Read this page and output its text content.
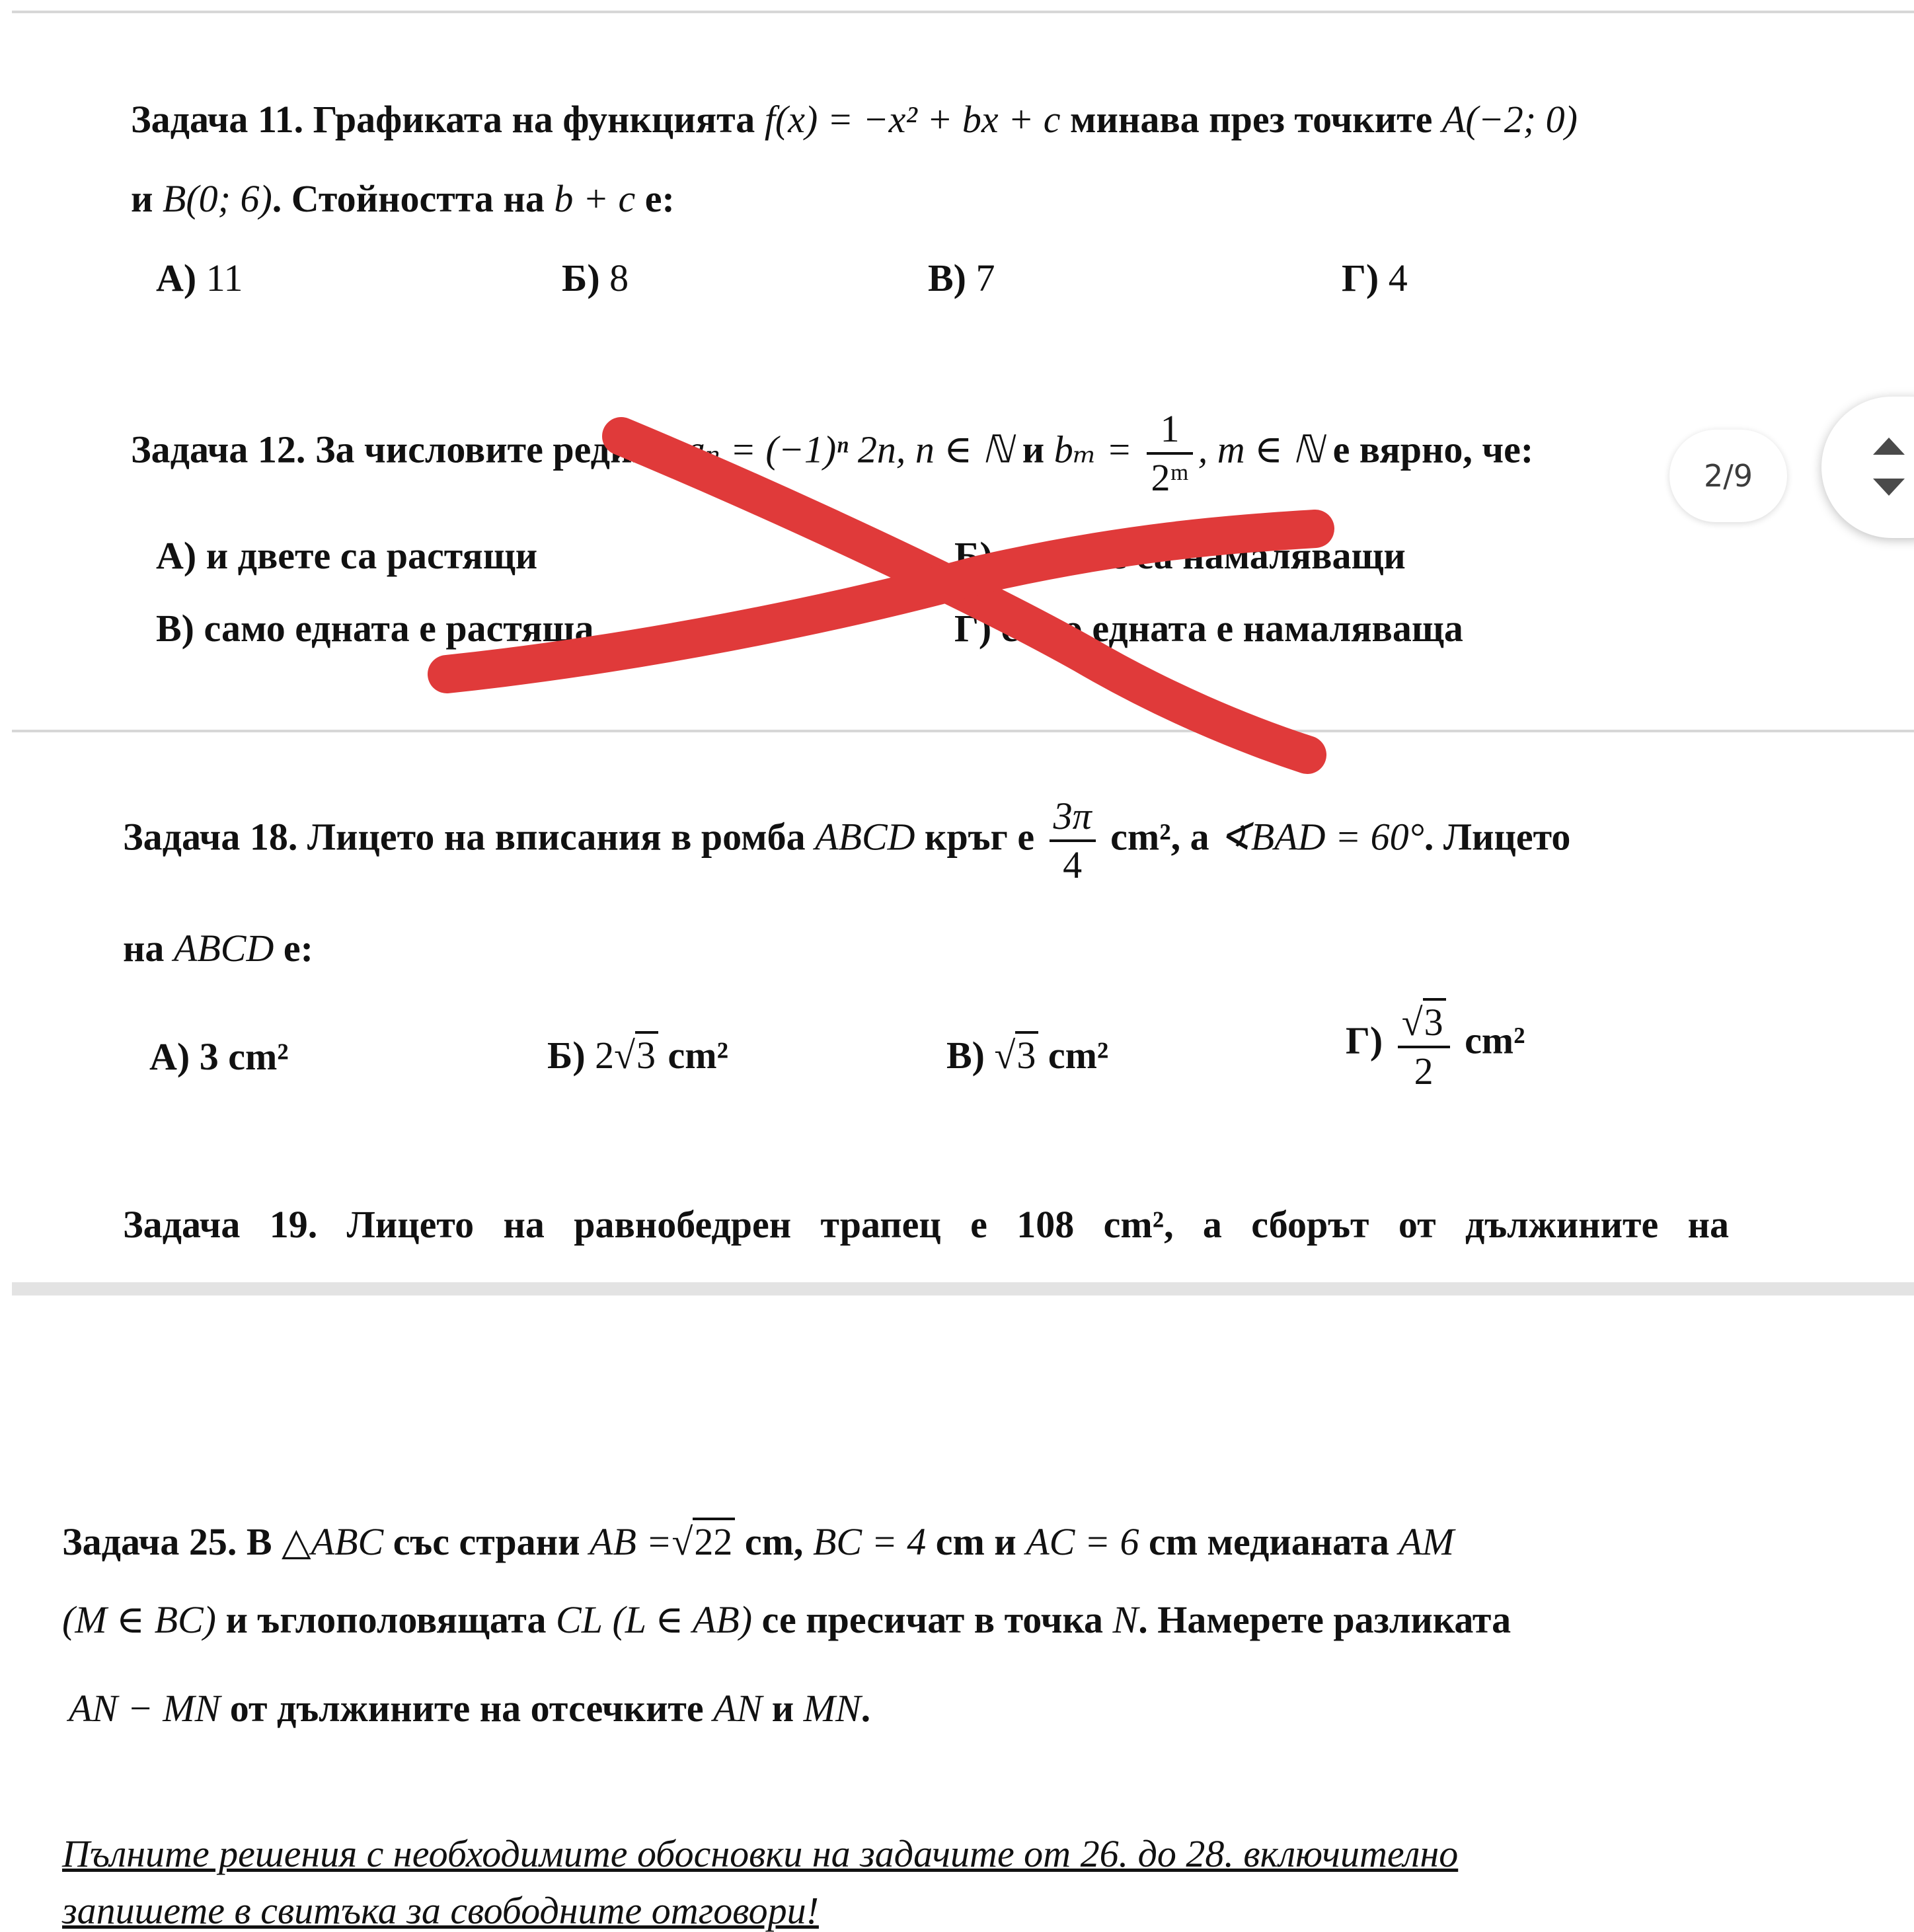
Задача 11. Графиката на функцията f(x) = −x² + bx + c минава през точките A(−2; 0)
и B(0; 6). Стойността на b + c е:
А) 11	Б) 8	В) 7	Г) 4
Задача 12. За числовите редици aₙ = (−1)ⁿ 2n, n ∈ ℕ и $b_m = \frac{1}{\text{2ᵐ}}$ , m ∈ ℕ е вярно, че:
А) и двете са растящи	Б) и двете са намаляващи
В) само едната е растяща	Г) само едната е намаляваща
Задача 18. Лицето на вписания в ромба ABCD кръг е $\frac{3\pi}{4} cm^2$, а ∢BAD = 60°. Лицето
на ABCD е:
А) 3 cm²	Б) 2√3 cm²	В) √3 cm²	$Г) \frac{√3}{2} cm^2$
Задача 19. Лицето на равнобедрен трапец е 108 cm², а сборът от дължините на
Задача 25. В △ABC със страни AB =√22 cm, BC = 4 cm и AC = 6 cm медианата AM
(M ∈ BC) и ъглополовящата CL (L ∈ AB) се пресичат в точка N. Намерете разликата
AN − MN от дължините на отсечките AN и MN.
Пълните решения с необходимите обосновки на задачите от 26. до 28. включително
запишете в свитъка за свободните отговори!
2/9
